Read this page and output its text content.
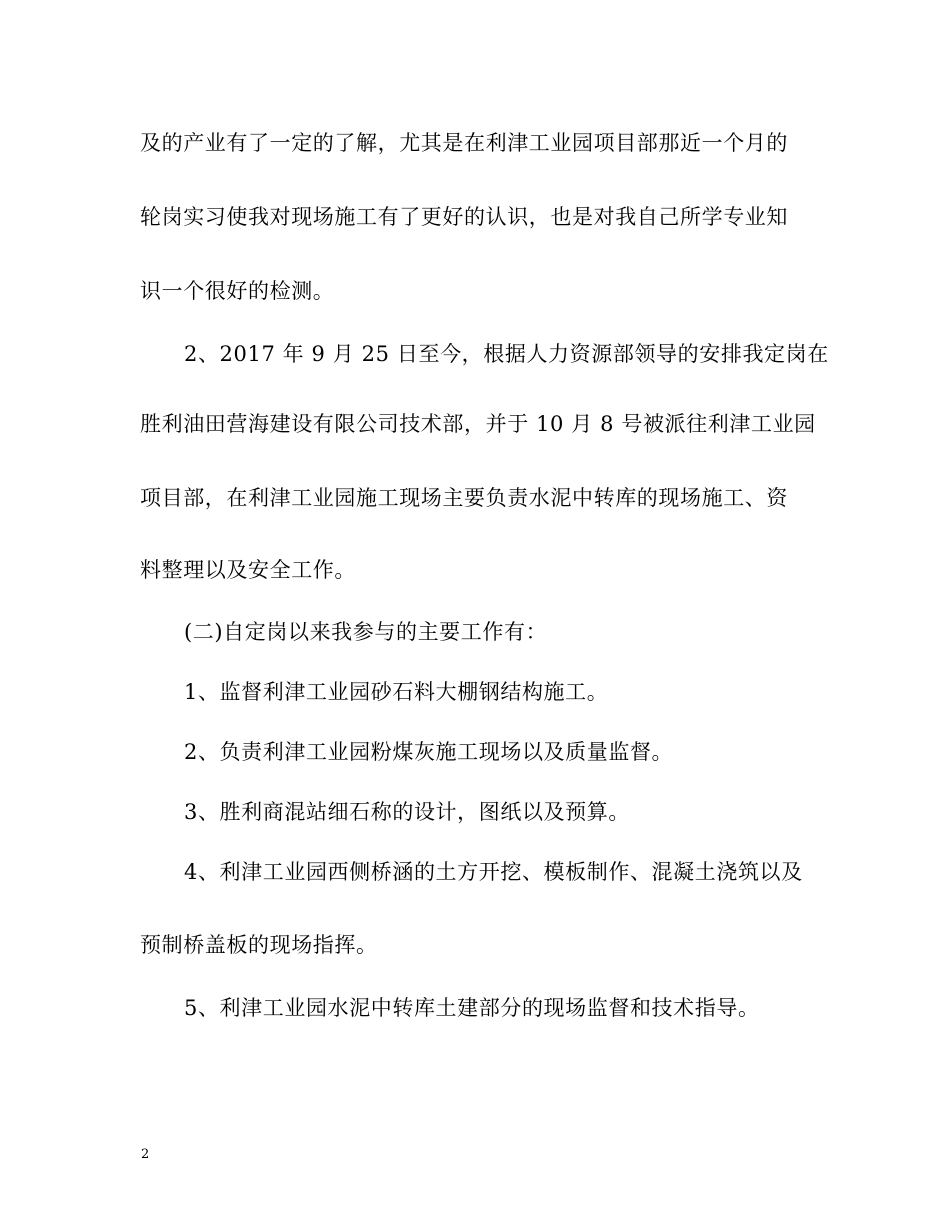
及的产业有了一定的了解，尤其是在利津工业园项目部那近一个月的
轮岗实习使我对现场施工有了更好的认识，也是对我自己所学专业知
识一个很好的检测。
2、2017 年 9 月 25 日至今，根据人力资源部领导的安排我定岗在
胜利油田营海建设有限公司技术部，并于 10 月 8 号被派往利津工业园
项目部，在利津工业园施工现场主要负责水泥中转库的现场施工、资
料整理以及安全工作。
(二)自定岗以来我参与的主要工作有：
1、监督利津工业园砂石料大棚钢结构施工。
2、负责利津工业园粉煤灰施工现场以及质量监督。
3、胜利商混站细石称的设计，图纸以及预算。
4、利津工业园西侧桥涵的土方开挖、模板制作、混凝土浇筑以及
预制桥盖板的现场指挥。
5、利津工业园水泥中转库土建部分的现场监督和技术指导。
2
